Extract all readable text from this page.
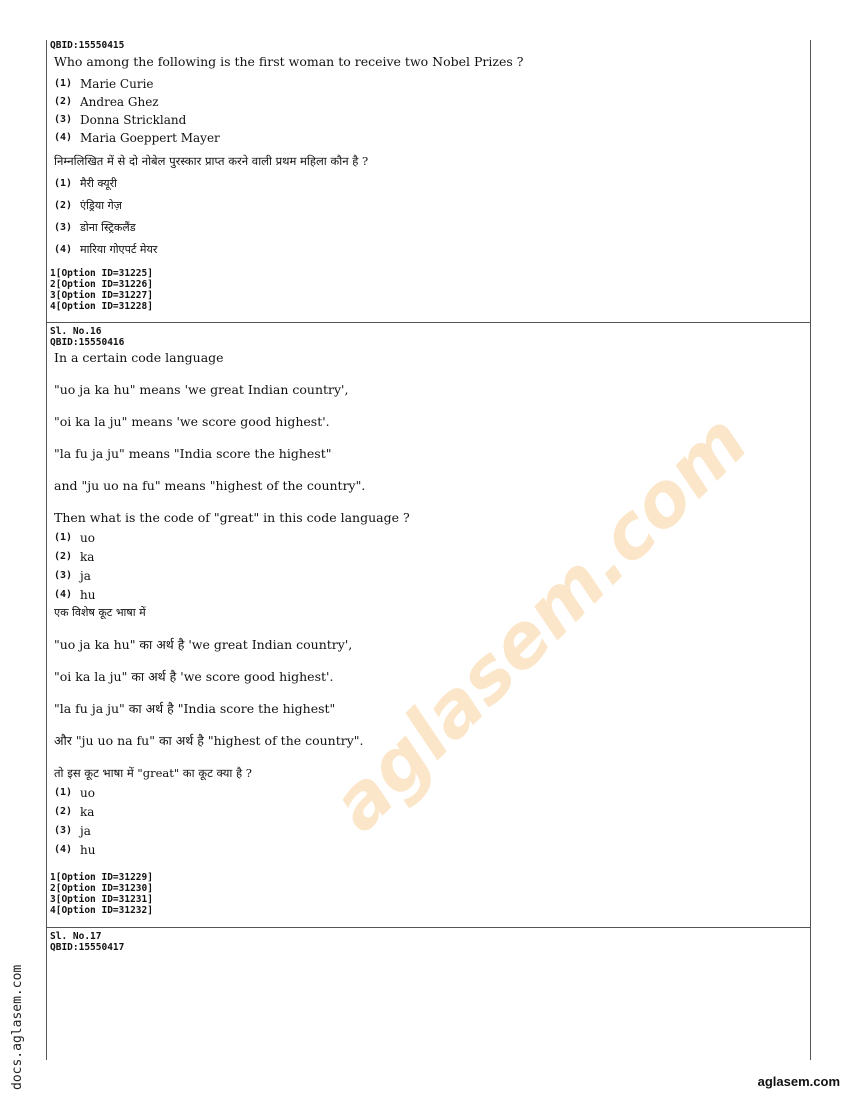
QBID:15550415

Who among the following is the first woman to receive two Nobel Prizes ?

(1) Marie Curie
(2) Andrea Ghez
(3) Donna Strickland
(4) Maria Goeppert Mayer

निम्नलिखित में से दो नोबेल पुरस्कार प्राप्त करने वाली प्रथम महिला कौन है ?

(1) मैरी क्यूरी
(2) एंड्रिया गेज़
(3) डोना स्ट्रिकलैंड
(4) मारिया गोएपर्ट मेयर
1[Option ID=31225]
2[Option ID=31226]
3[Option ID=31227]
4[Option ID=31228]

Sl. No.16

QBID:15550416

In a certain code language

"uo ja ka hu" means 'we great Indian country',

"oi ka la ju" means 'we score good highest'.

"la fu ja ju" means "India score the highest"

and "ju uo na fu" means "highest of the country".

Then what is the code of "great" in this code language ?

(1) uo
(2) ka
(3) ja
(4) hu

एक विशेष कूट भाषा में

"uo ja ka hu" का अर्थ है 'we great Indian country',

"oi ka la ju" का अर्थ है 'we score good highest'.

"la fu ja ju" का अर्थ है "India score the highest"

और "ju uo na fu" का अर्थ है "highest of the country".

तो इस कूट भाषा में "great" का कूट क्या है ?

(1) uo
(2) ka
(3) ja
(4) hu
1[Option ID=31229]
2[Option ID=31230]
3[Option ID=31231]
4[Option ID=31232]

Sl. No.17

QBID:15550417

aglasem.com
docs.aglasem.com	aglasem.com
